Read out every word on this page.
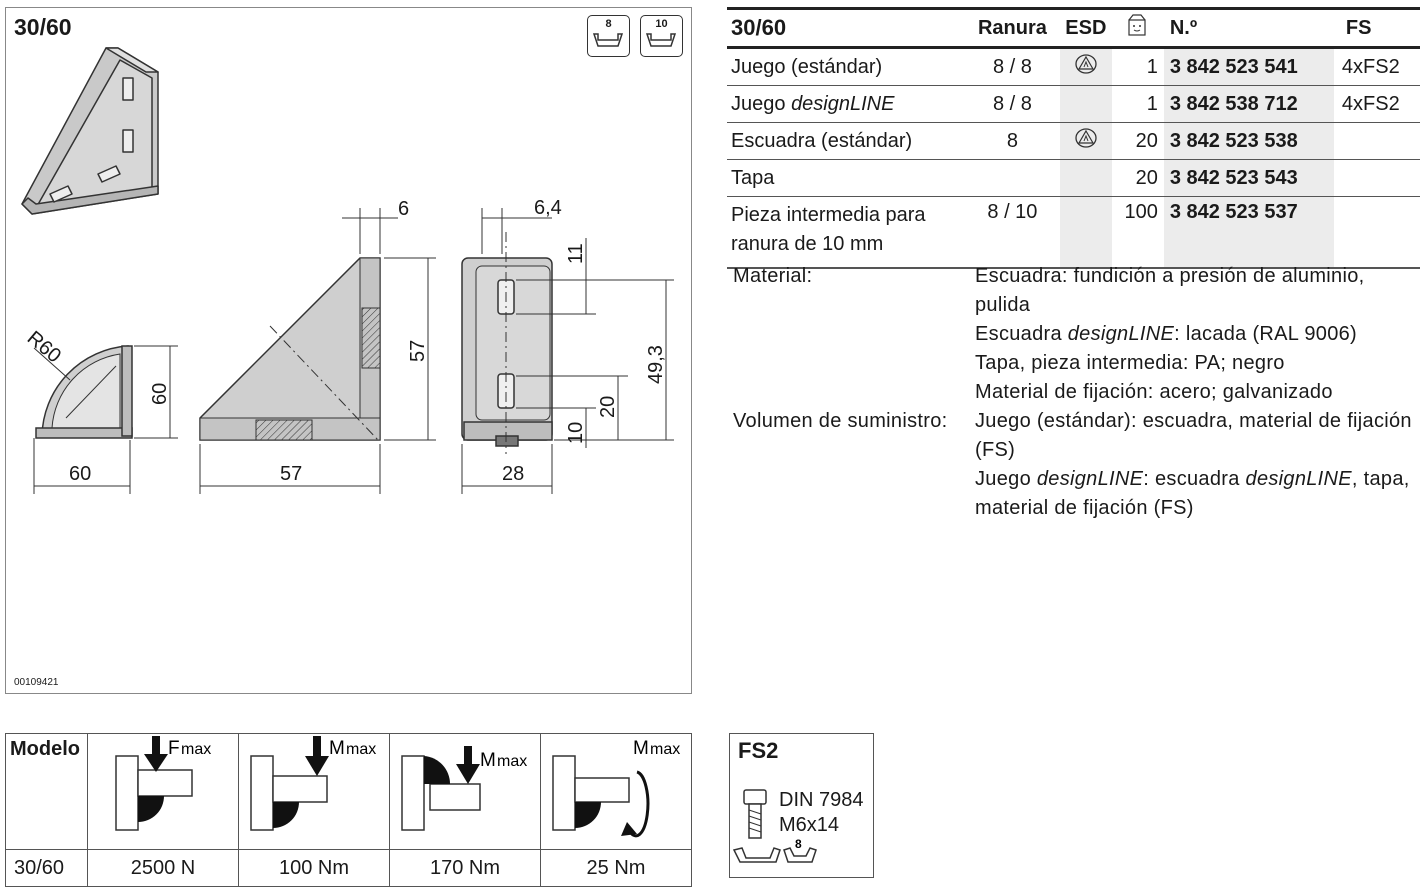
60
60
R60
57
57
6
28
6,4
11
20
10
49,3
30/60	8	10
00109421
30/60	Ranura	ESD		N.º	FS
Juego (estándar)	8 / 8		1	3 842 523 541	4xFS2
Juego designLINE	8 / 8		1	3 842 538 712	4xFS2
Escuadra (estándar)	8		20	3 842 523 538	
Tapa			20	3 842 523 543	
Pieza intermedia para ranura de 10 mm	8 / 10		100	3 842 523 537	
Material:	Escuadra: fundición a presión de aluminio, pulida
Escuadra designLINE: lacada (RAL 9006)
Tapa, pieza intermedia: PA; negro
Material de fijación: acero; galvanizado
Volumen de suministro:	Juego (estándar): escuadra, material de fijación (FS)
Juego designLINE: escuadra designLINE, tapa, material de fijación (FS)
Modelo	F max	M max	M max	M max

30/60	2500 N	100 Nm	170 Nm	25 Nm
FS2
8
DIN 7984
M6x14
